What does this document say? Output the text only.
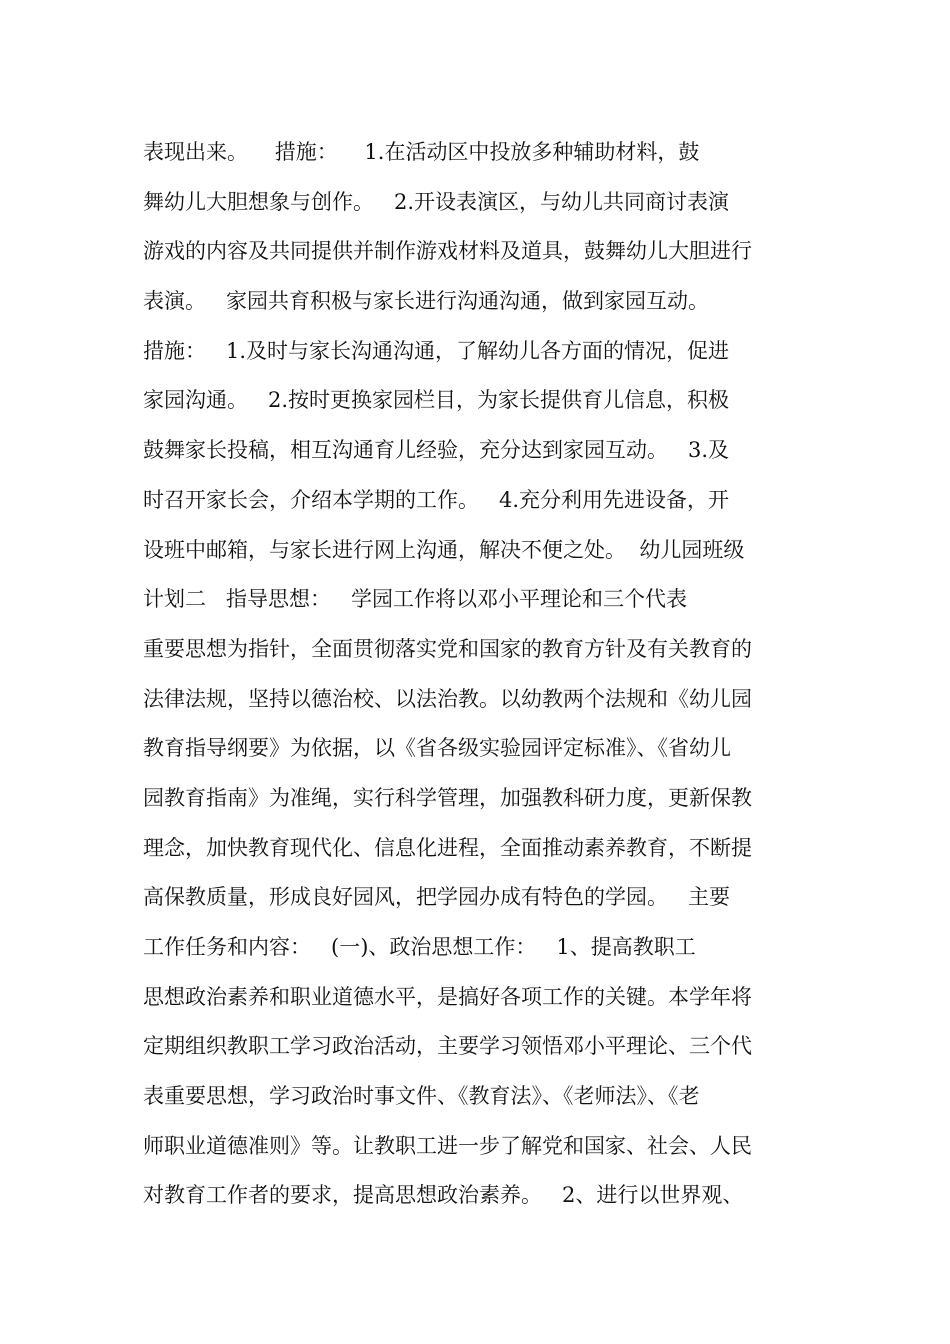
表现出来。    措施：    1.在活动区中投放多种辅助材料，鼓
舞幼儿大胆想象与创作。   2.开设表演区，与幼儿共同商讨表演
游戏的内容及共同提供并制作游戏材料及道具，鼓舞幼儿大胆进行
表演。   家园共育积极与家长进行沟通沟通，做到家园互动。
措施：   1.及时与家长沟通沟通，了解幼儿各方面的情况，促进
家园沟通。   2.按时更换家园栏目，为家长提供育儿信息，积极
鼓舞家长投稿，相互沟通育儿经验，充分达到家园互动。   3.及
时召开家长会，介绍本学期的工作。   4.充分利用先进设备，开
设班中邮箱，与家长进行网上沟通，解决不便之处。  幼儿园班级
计划二   指导思想：   学园工作将以邓小平理论和三个代表
重要思想为指针，全面贯彻落实党和国家的教育方针及有关教育的
法律法规，坚持以德治校、以法治教。以幼教两个法规和《幼儿园
教育指导纲要》为依据，以《省各级实验园评定标准》、《省幼儿
园教育指南》为准绳，实行科学管理，加强教科研力度，更新保教
理念，加快教育现代化、信息化进程，全面推动素养教育，不断提
高保教质量，形成良好园风，把学园办成有特色的学园。   主要
工作任务和内容：   (一)、政治思想工作：   1、提高教职工
思想政治素养和职业道德水平，是搞好各项工作的关键。本学年将
定期组织教职工学习政治活动，主要学习领悟邓小平理论、三个代
表重要思想，学习政治时事文件、《教育法》、《老师法》、《老
师职业道德准则》等。让教职工进一步了解党和国家、社会、人民
对教育工作者的要求，提高思想政治素养。   2、进行以世界观、
